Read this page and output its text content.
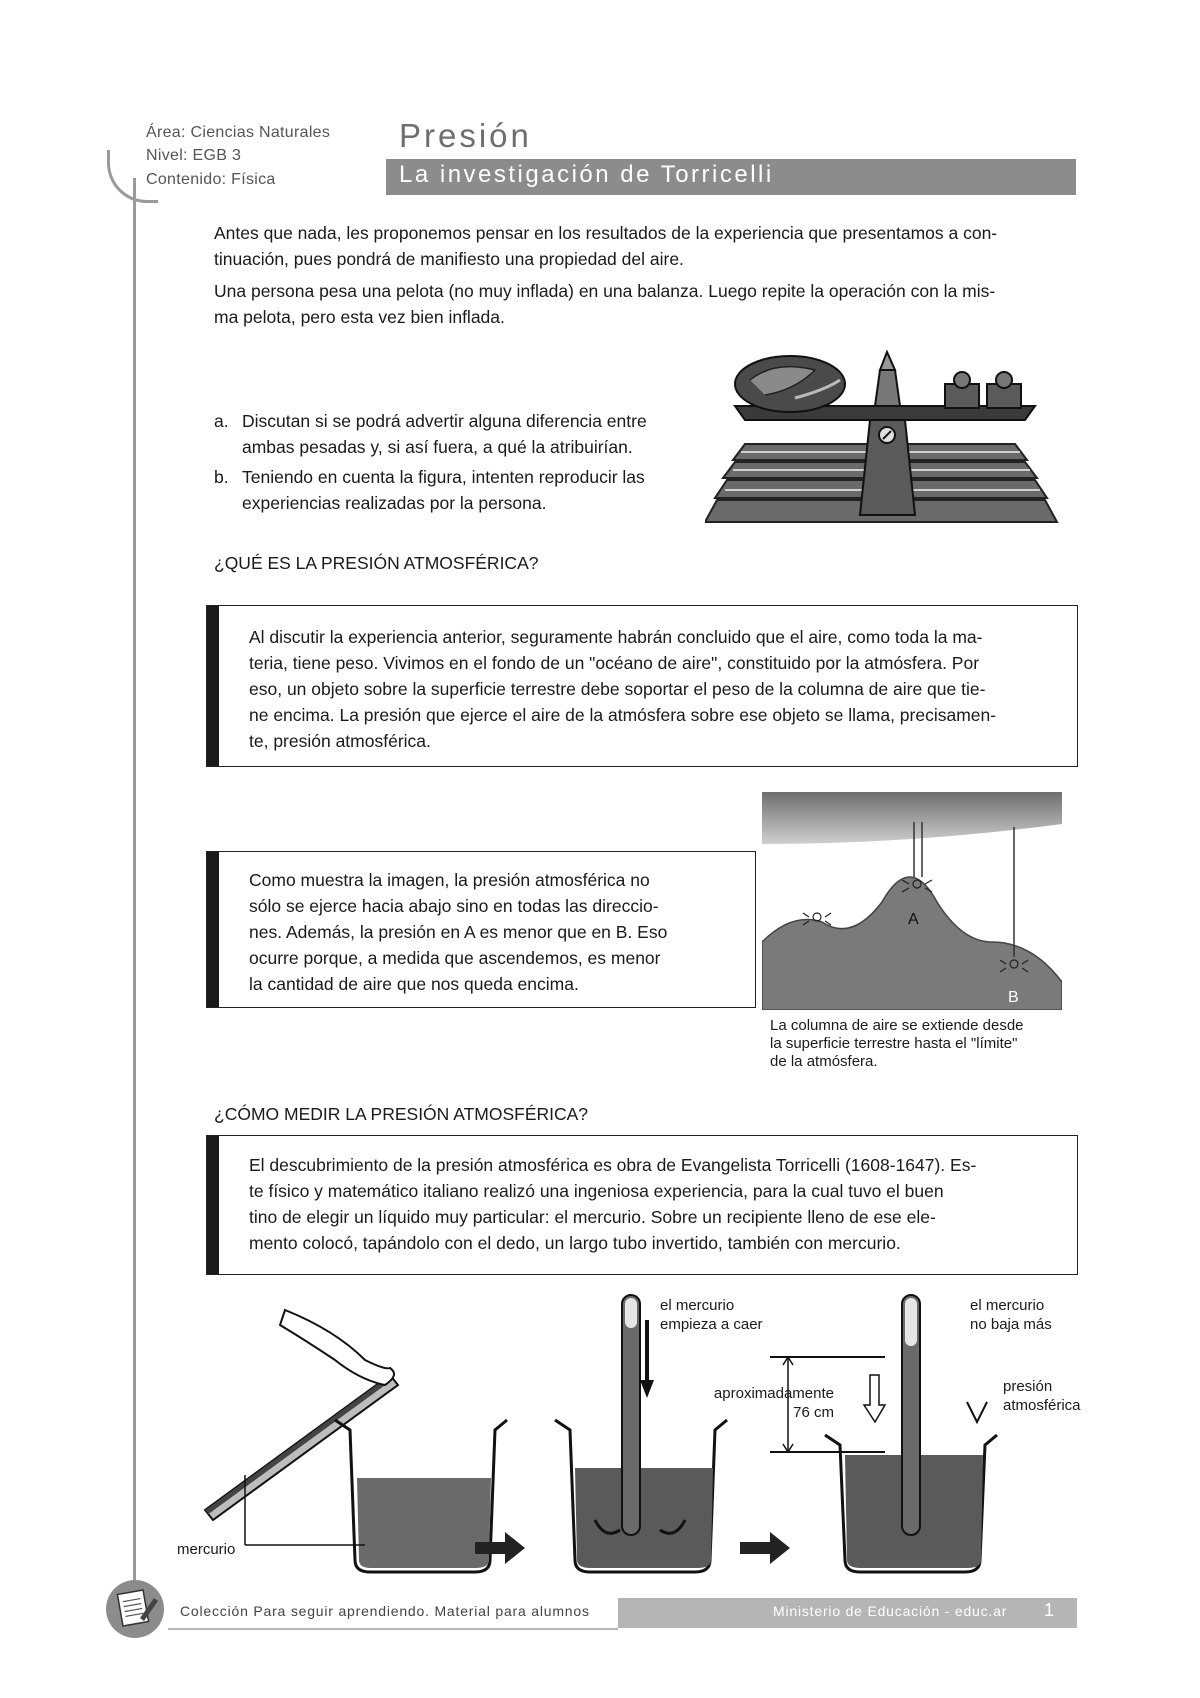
Área: Ciencias Naturales
Nivel: EGB 3
Contenido: Física
Presión
La investigación de Torricelli
Antes que nada, les proponemos pensar en los resultados de la experiencia que presentamos a con-
tinuación, pues pondrá de manifiesto una propiedad del aire.
Una persona pesa una pelota (no muy inflada) en una balanza. Luego repite la operación con la mis-
ma pelota, pero esta vez bien inflada.
a. Discutan si se podrá advertir alguna diferencia entre
ambas pesadas y, si así fuera, a qué la atribuirían.
b. Teniendo en cuenta la figura, intenten reproducir las
experiencias realizadas por la persona.
¿QUÉ ES LA PRESIÓN ATMOSFÉRICA?
Al discutir la experiencia anterior, seguramente habrán concluido que el aire, como toda la ma-
teria, tiene peso. Vivimos en el fondo de un "océano de aire", constituido por la atmósfera. Por
eso, un objeto sobre la superficie terrestre debe soportar el peso de la columna de aire que tie-
ne encima. La presión que ejerce el aire de la atmósfera sobre ese objeto se llama, precisamen-
te, presión atmosférica.
Como muestra la imagen, la presión atmosférica no
sólo se ejerce hacia abajo sino en todas las direccio-
nes. Además, la presión en A es menor que en B. Eso
ocurre porque, a medida que ascendemos, es menor
la cantidad de aire que nos queda encima.
A
B
La columna de aire se extiende desde
la superficie terrestre hasta el "límite"
de la atmósfera.
¿CÓMO MEDIR LA PRESIÓN ATMOSFÉRICA?
El descubrimiento de la presión atmosférica es obra de Evangelista Torricelli (1608-1647). Es-
te físico y matemático italiano realizó una ingeniosa experiencia, para la cual tuvo el buen
tino de elegir un líquido muy particular: el mercurio. Sobre un recipiente lleno de ese ele-
mento colocó, tapándolo con el dedo, un largo tubo invertido, también con mercurio.
mercurio
el mercurio
empieza a caer
aproximadamente
76 cm
el mercurio
no baja más
presión
atmosférica
Colección Para seguir aprendiendo. Material para alumnos	Ministerio de Educación - educ.ar 1
